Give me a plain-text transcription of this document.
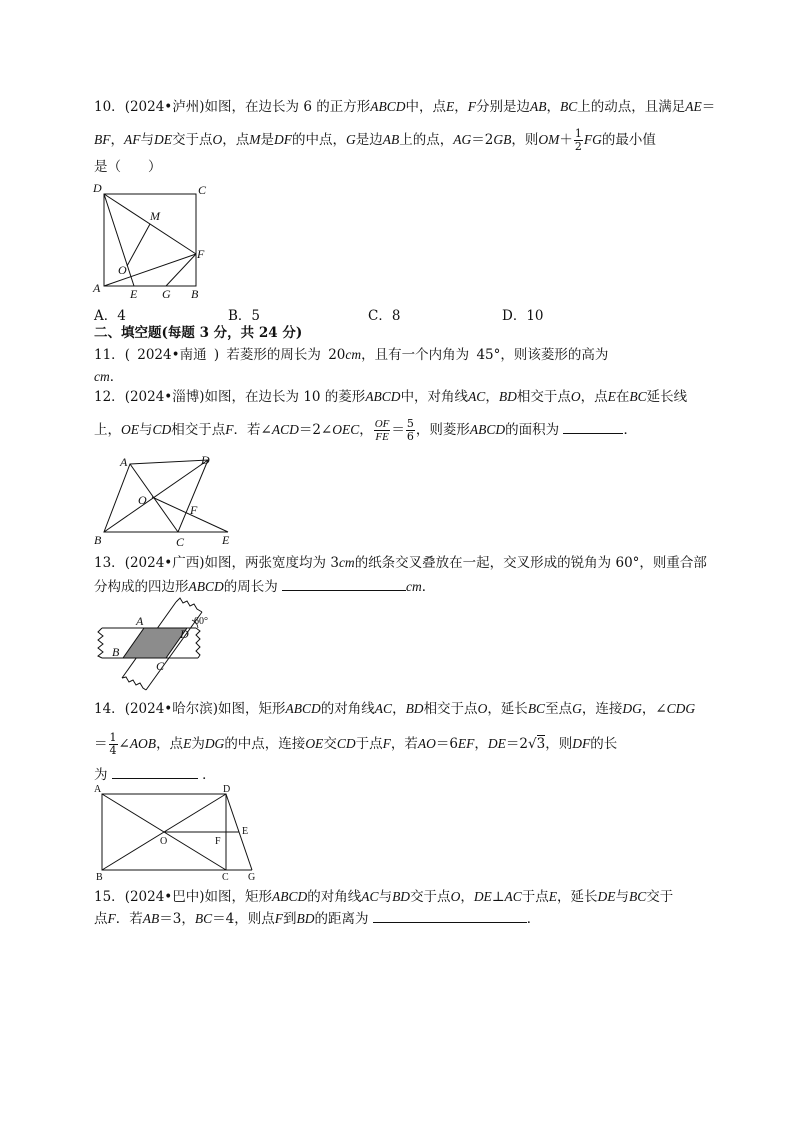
10．(2024•泸州)如图，在边长为 6 的正方形ABCD中，点E，F分别是边AB，BC上的动点，且满足AE＝
BF，AF与DE交于点O，点M是DF的中点，G是边AB上的点，AG＝2GB，则$OM+ \frac{1}{2}$ FG的最小值
是（　　）
D	C
M
F
O
A E G B
A．4	B．5	C．8	D．10
二、填空题(每题 3 分，共 24 分)
11．( 2024•南通 ) 若菱形的周长为 20cm，且有一个内角为 45°，则该菱形的高为
cm．
12．(2024•淄博)如图，在边长为 10 的菱形ABCD中，对角线AC，BD相交于点O，点E在BC延长线
上，OE与CD相交于点F．若∠ACD＝2∠OEC， $\frac{OF}{FE} = \frac{5}{6}$ ，则菱形ABCD的面积为	．
A	D
O
F
B	C	E
13．(2024•广西)如图，两张宽度均为 3cm的纸条交叉叠放在一起，交叉形成的锐角为 60°，则重合部
分构成的四边形ABCD的周长为	cm．
60°
A
D
B
C
14．(2024•哈尔滨)如图，矩形ABCD的对角线AC，BD相交于点O，延长BC至点G，连接DG，∠CDG
＝ $\frac{1}{4}$ ∠AOB，点E为DG的中点，连接OE交CD于点F，若AO＝6EF，DE＝2√3，则DF的长
为	．
A	D
E
O	F
B	C G
15．(2024•巴中)如图，矩形ABCD的对角线AC与BD交于点O，DE⊥AC于点E，延长DE与BC交于
点F．若AB＝3，BC＝4，则点F到BD的距离为	．
